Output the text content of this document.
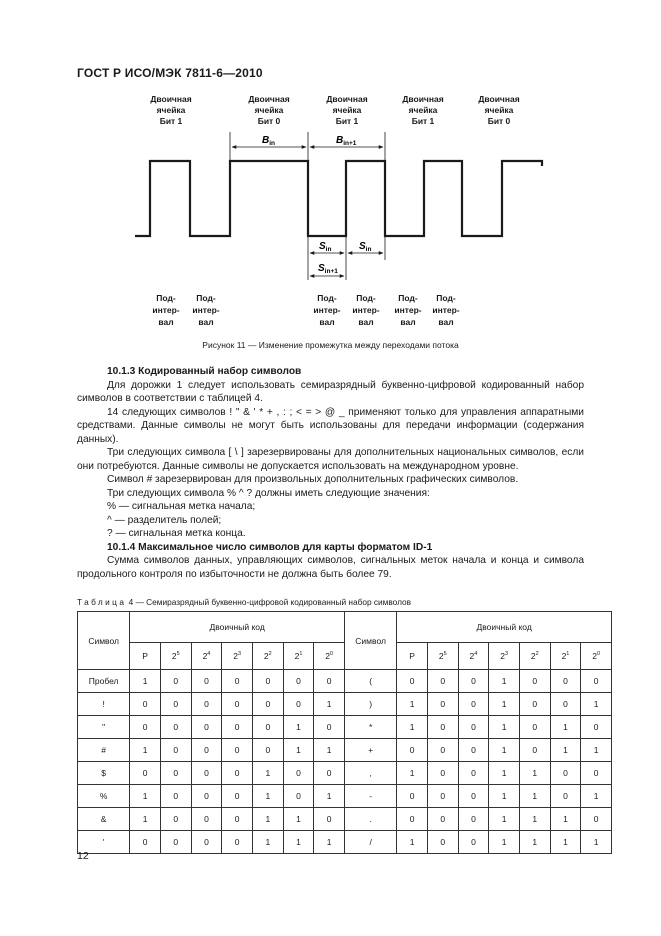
ГОСТ Р ИСО/МЭК 7811-6—2010
Двоичная
ячейка
Бит 1
Двоичная
ячейка
Бит 0
Двоичная
ячейка
Бит 1
Двоичная
ячейка
Бит 1
Двоичная
ячейка
Бит 0
$B_{in}$	$B_{in+1}$
$S_{in}$	$S_{in}$
$S_{in+1}$
Под-
интер-
вал
Под-
интер-
вал
Под-
интер-
вал
Под-
интер-
вал
Под-
интер-
вал
Под-
интер-
вал
Рисунок 11 — Изменение промежутка между переходами потока

10.1.3 Кодированный набор символов

Для дорожки 1 следует использовать семиразрядный буквенно-цифровой кодированный набор символов в соответствии с таблицей 4.

14 следующих символов ! " & ' * + , : ; < = > @ _ применяют только для управления аппаратными средствами. Данные символы не могут быть использованы для передачи информации (содержания данных).

Три следующих символа [ \ ] зарезервированы для дополнительных национальных символов, если они потребуются. Данные символы не допускается использовать на международном уровне.

Символ # зарезервирован для произвольных дополнительных графических символов.

Три следующих символа % ^ ? должны иметь следующие значения:

% — сигнальная метка начала;

^ — разделитель полей;

? — сигнальная метка конца.

10.1.4 Максимальное число символов для карты форматом ID-1

Сумма символов данных, управляющих символов, сигнальных меток начала и конца и символа продольного контроля по избыточности не должна быть более 79.

Таблица 4 — Семиразрядный буквенно-цифровой кодированный набор символов
Символ	Двоичный код							Символ	Двоичный код						
	P	$2^5$	$2^4$	$2^3$	$2^2$	$2^1$	$2^0$		P	$2^5$	$2^4$	$2^3$	$2^2$	$2^1$	$2^0$
Пробел	1	0	0	0	0	0	0	(	0	0	0	1	0	0	0
!	0	0	0	0	0	0	1	)	1	0	0	1	0	0	1
"	0	0	0	0	0	1	0	*	1	0	0	1	0	1	0
#	1	0	0	0	0	1	1	+	0	0	0	1	0	1	1
$	0	0	0	0	1	0	0	,	1	0	0	1	1	0	0
%	1	0	0	0	1	0	1	-	0	0	0	1	1	0	1
&	1	0	0	0	1	1	0	.	0	0	0	1	1	1	0
'	0	0	0	0	1	1	1	/	1	0	0	1	1	1	1
12
